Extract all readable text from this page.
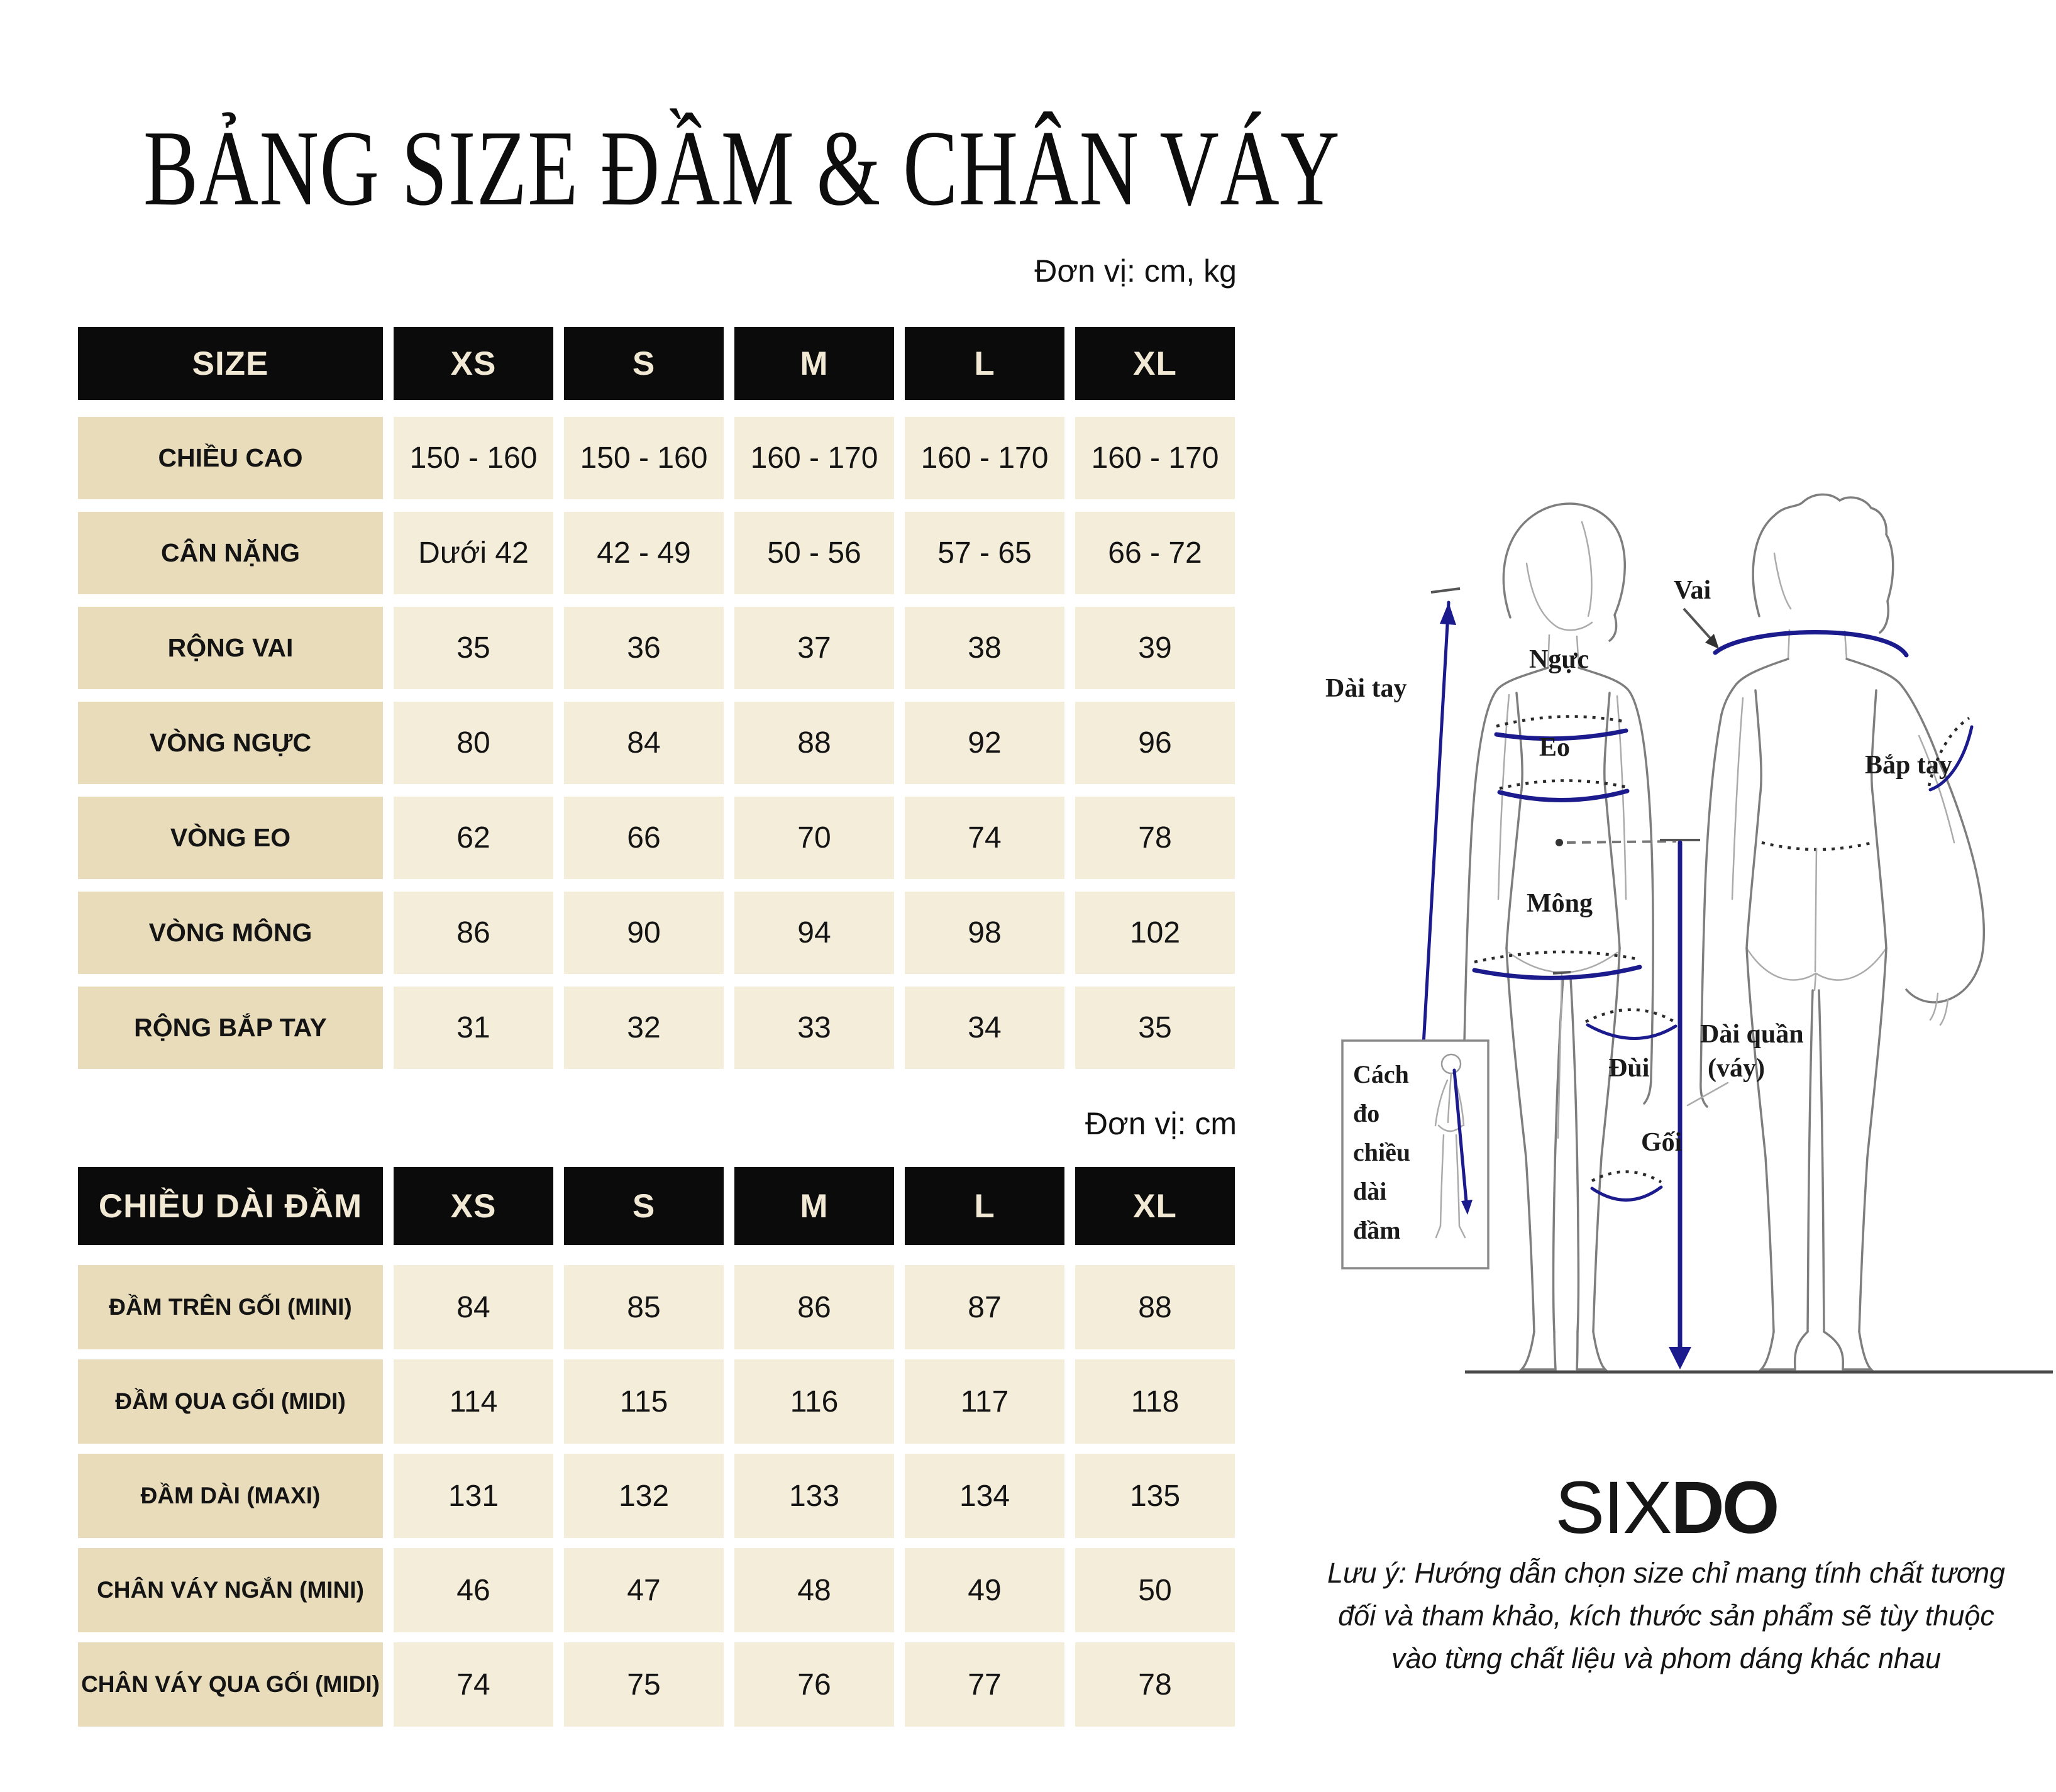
BẢNG SIZE ĐẦM & CHÂN VÁY
Đơn vị: cm, kg
Đơn vị: cm
SIZE	XS	S	M	L	XL
CHIỀU CAO	150 - 160	150 - 160	160 - 170	160 - 170	160 - 170
CÂN NẶNG	Dưới 42	42 - 49	50 - 56	57 - 65	66 - 72
RỘNG VAI	35	36	37	38	39
VÒNG NGỰC	80	84	88	92	96
VÒNG EO	62	66	70	74	78
VÒNG MÔNG	86	90	94	98	102
RỘNG BẮP TAY	31	32	33	34	35
CHIỀU DÀI ĐẦM	XS	S	M	L	XL
ĐẦM TRÊN GỐI (MINI)	84	85	86	87	88
ĐẦM QUA GỐI (MIDI)	114	115	116	117	118
ĐẦM DÀI (MAXI)	131	132	133	134	135
CHÂN VÁY NGẮN (MINI)	46	47	48	49	50
CHÂN VÁY QUA GỐI (MIDI)	74	75	76	77	78
Dài tay
Ngực
Eo
Mông
Đùi
Gối
Vai
Bắp tay
Dài quần
(váy)
Cách
đo
chiều
dài
đầm
SIXDO
Lưu ý: Hướng dẫn chọn size chỉ mang tính chất tương
đối và tham khảo, kích thước sản phẩm sẽ tùy thuộc
vào từng chất liệu và phom dáng khác nhau
